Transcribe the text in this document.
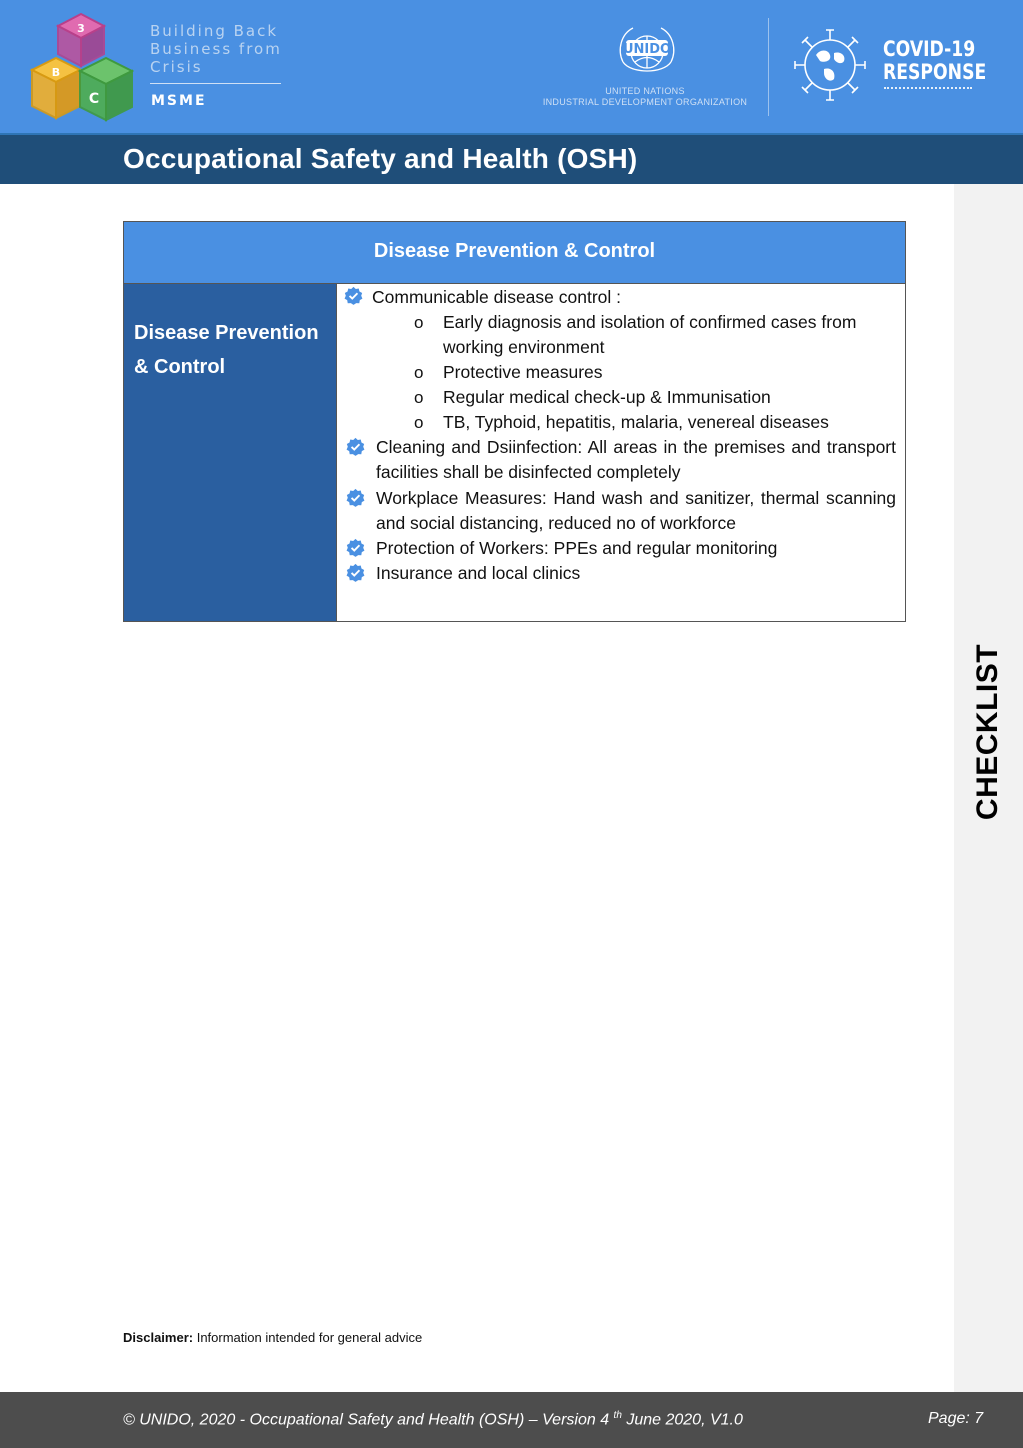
3
B
C
Building Back
Business from
Crisis
MSME
UNIDO
UNITED NATIONS
INDUSTRIAL DEVELOPMENT ORGANIZATION
COVID-19
RESPONSE
Occupational Safety and Health (OSH)
CHECKLIST
Disease Prevention & Control
Disease Prevention
& Control
Communicable disease control :
o Early diagnosis and isolation of confirmed cases from working environment
o Protective measures
o Regular medical check-up & Immunisation
o TB, Typhoid, hepatitis, malaria, venereal diseases
Cleaning and Dsiinfection: All areas in the premises and transport facilities shall be disinfected completely
Workplace Measures: Hand wash and sanitizer, thermal scanning and social distancing, reduced no of workforce
Protection of Workers: PPEs and regular monitoring
Insurance and local clinics
Disclaimer: Information intended for general advice
© UNIDO, 2020 - Occupational Safety and Health (OSH) – Version 4 $^{th}$ June 2020, V1.0	Page: 7
